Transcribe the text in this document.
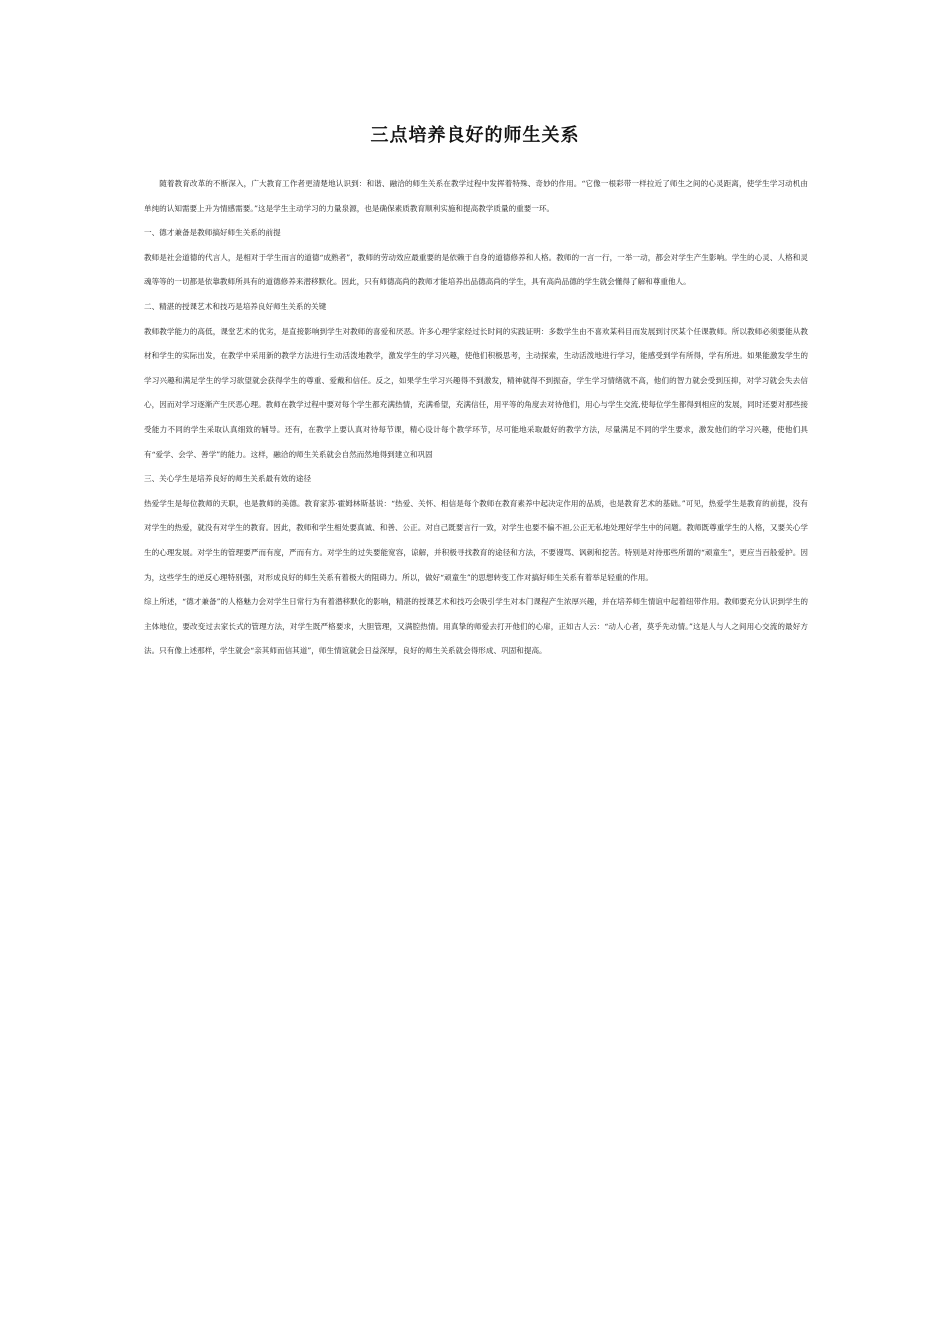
三点培养良好的师生关系

随着教育改革的不断深入，广大教育工作者更清楚地认识到：和谐、融洽的师生关系在教学过程中发挥着特殊、奇妙的作用。“它像一根彩带一样拉近了师生之间的心灵距离，使学生学习动机由单纯的认知需要上升为情感需要。”这是学生主动学习的力量泉源，也是确保素质教育顺利实施和提高教学质量的重要一环。

一、德才兼备是教师搞好师生关系的前提

教师是社会道德的代言人，是相对于学生而言的道德“成熟者”，教师的劳动效应最重要的是依赖于自身的道德修养和人格。教师的一言一行，一举一动，都会对学生产生影响。学生的心灵、人格和灵魂等等的一切都是依靠教师所具有的道德修养来潜移默化。因此，只有师德高尚的教师才能培养出品德高尚的学生，具有高尚品德的学生就会懂得了解和尊重他人。

二、精湛的授课艺术和技巧是培养良好师生关系的关键

教师教学能力的高低，课堂艺术的优劣，是直接影响到学生对教师的喜爱和厌恶。许多心理学家经过长时间的实践证明：多数学生由不喜欢某科目而发展到讨厌某个任课教师。所以教师必须要能从教材和学生的实际出发，在教学中采用新的教学方法进行生动活泼地教学，激发学生的学习兴趣，使他们积极思考，主动探索，生动活泼地进行学习，能感受到学有所得，学有所进。如果能激发学生的学习兴趣和满足学生的学习欲望就会获得学生的尊重、爱戴和信任。反之，如果学生学习兴趣得不到激发，精神就得不到振奋，学生学习情绪就不高，他们的智力就会受到压抑，对学习就会失去信心，因而对学习逐渐产生厌恶心理。教师在教学过程中要对每个学生都充满热情，充满希望，充满信任，用平等的角度去对待他们，用心与学生交流,使每位学生都得到相应的发展，同时还要对那些接受能力不同的学生采取认真细致的辅导。还有，在教学上要认真对待每节课，精心设计每个教学环节，尽可能地采取最好的教学方法，尽量满足不同的学生要求，激发他们的学习兴趣，使他们具有“爱学、会学、善学”的能力。这样，融洽的师生关系就会自然而然地得到建立和巩固

三、关心学生是培养良好的师生关系最有效的途径

热爱学生是每位教师的天职，也是教师的美德。教育家苏·霍姆林斯基说：“热爱、关怀、相信是每个教师在教育素养中起决定作用的品质，也是教育艺术的基础。”可见，热爱学生是教育的前提，没有对学生的热爱，就没有对学生的教育。因此，教师和学生相处要真诚、和善、公正。对自己既要言行一致，对学生也要不偏不袒,公正无私地处理好学生中的问题。教师既尊重学生的人格，又要关心学生的心理发展。对学生的管理要严而有度，严而有方。对学生的过失要能宽容，谅解，并积极寻找教育的途径和方法，不要谩骂、讽刺和挖苦。特别是对待那些所谓的“顽童生”，更应当百般爱护。因为，这些学生的逆反心理特别强，对形成良好的师生关系有着极大的阻碍力。所以，做好“顽童生”的思想转变工作对搞好师生关系有着举足轻重的作用。

综上所述，“德才兼备”的人格魅力会对学生日常行为有着潜移默化的影响，精湛的授课艺术和技巧会吸引学生对本门课程产生浓厚兴趣，并在培养师生情谊中起着纽带作用。教师要充分认识到学生的主体地位，要改变过去家长式的管理方法，对学生既严格要求，大胆管理，又满腔热情。用真挚的师爱去打开他们的心扉，正如古人云：“动人心者，莫乎先动情。”这是人与人之间用心交流的最好方法。只有像上述那样，学生就会“亲其师而信其道”，师生情谊就会日益深厚，良好的师生关系就会得形成、巩固和提高。
